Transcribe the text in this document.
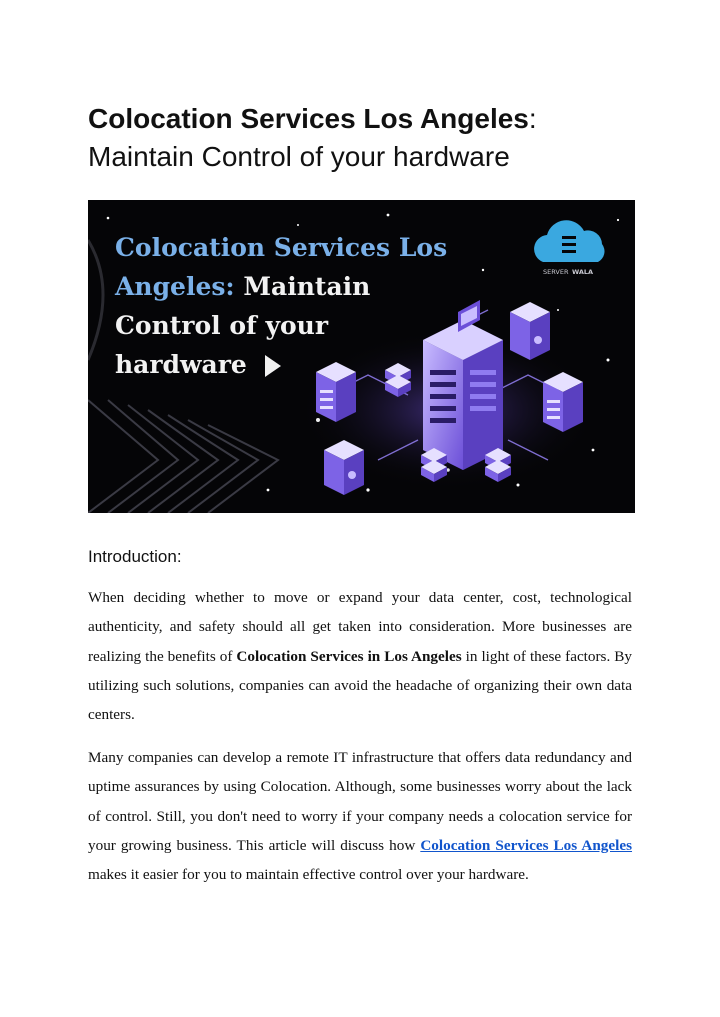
Colocation Services Los Angeles:
Maintain Control of your hardware
Colocation Services Los
Angeles: Maintain
Control of your
hardware
SERVER WALA
Introduction:
When deciding whether to move or expand your data center, cost, technological authenticity, and safety should all get taken into consideration. More businesses are realizing the benefits of Colocation Services in Los Angeles in light of these factors. By utilizing such solutions, companies can avoid the headache of organizing their own data centers.
Many companies can develop a remote IT infrastructure that offers data redundancy and uptime assurances by using Colocation. Although, some businesses worry about the lack of control. Still, you don't need to worry if your company needs a colocation service for your growing business. This article will discuss how Colocation Services Los Angeles makes it easier for you to maintain effective control over your hardware.
